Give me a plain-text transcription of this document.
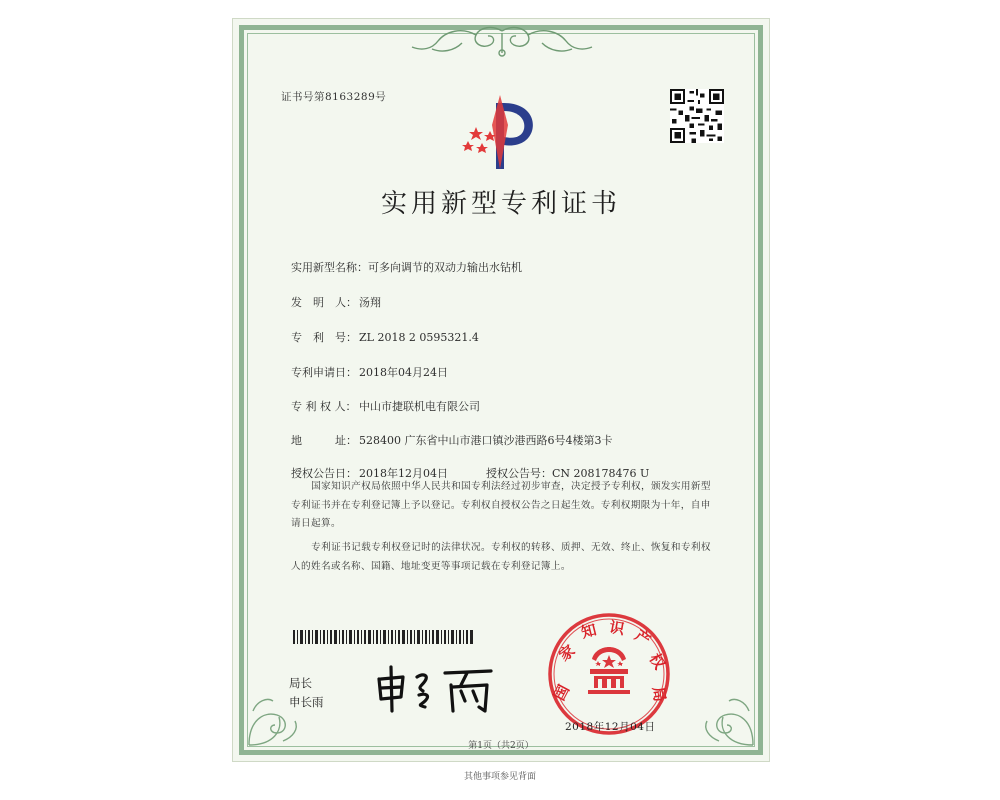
证书号第8163289号
实用新型专利证书
实用新型名称：可多向调节的双动力输出水钻机
发　明　人： 汤翔
专　利　号： ZL 2018 2 0595321.4
专利申请日： 2018年04月24日
专 利 权 人： 中山市捷联机电有限公司
地　　　址： 528400 广东省中山市港口镇沙港西路6号4楼第3卡
授权公告日： 2018年12月04日	授权公告号：CN 208178476 U
国家知识产权局依照中华人民共和国专利法经过初步审查，决定授予专利权，颁发实用新型专利证书并在专利登记簿上予以登记。专利权自授权公告之日起生效。专利权期限为十年，自申请日起算。
专利证书记载专利权登记时的法律状况。专利权的转移、质押、无效、终止、恢复和专利权人的姓名或名称、国籍、地址变更等事项记载在专利登记簿上。
局长
申长雨	国
家
知 识 产
权
局
2018年12月04日
第1页（共2页）
其他事项参见背面
